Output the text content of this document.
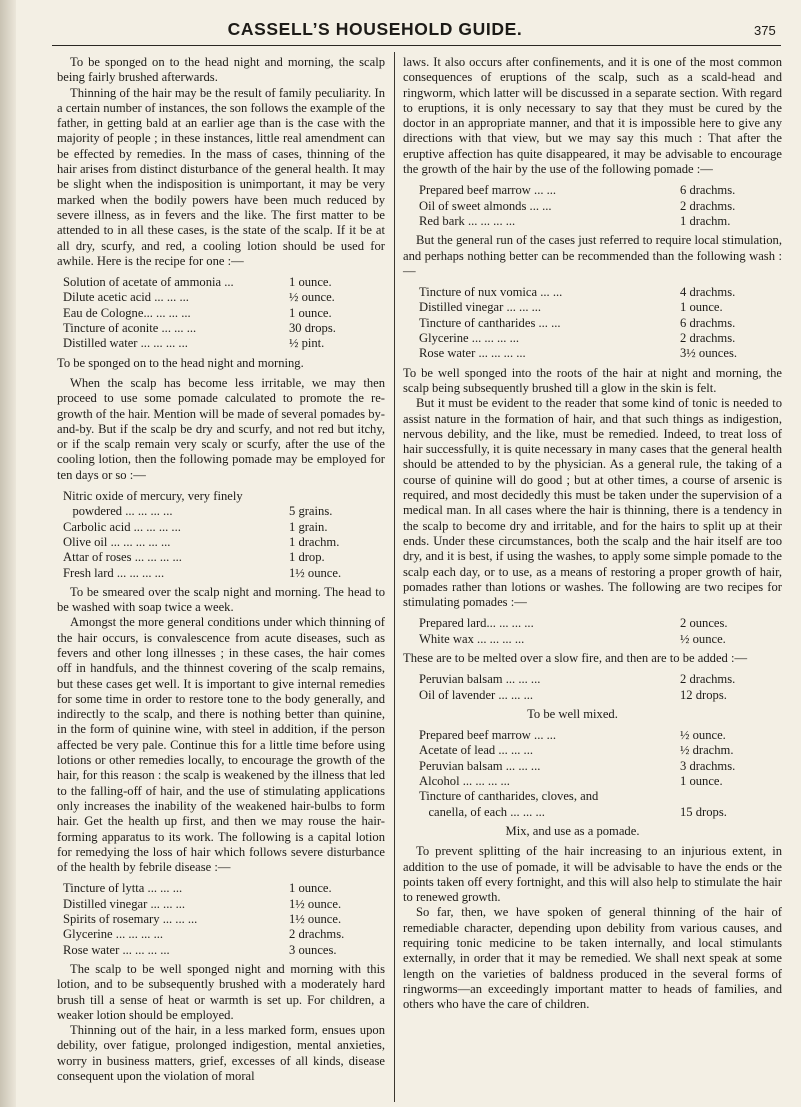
CASSELL’S HOUSEHOLD GUIDE.	375

To be sponged on to the head night and morning, the scalp being fairly brushed afterwards.

Thinning of the hair may be the result of family peculiarity. In a certain number of instances, the son follows the example of the father, in getting bald at an earlier age than is the case with the majority of people ; in these instances, little real amendment can be effected by remedies. In the mass of cases, thinning of the hair arises from distinct disturbance of the general health. It may be slight when the indisposition is unimportant, it may be very marked when the bodily powers have been much reduced by severe illness, as in fevers and the like. The first matter to be attended to in all these cases, is the state of the scalp. If it be at all dry, scurfy, and red, a cooling lotion should be used for awhile. Here is the recipe for one :—

Solution of acetate of ammonia ...	1 ounce.
Dilute acetic acid ... ... ...	½ ounce.
Eau de Cologne... ... ... ...	1 ounce.
Tincture of aconite ... ... ...	30 drops.
Distilled water ... ... ... ...	½ pint.

To be sponged on to the head night and morning.

When the scalp has become less irritable, we may then proceed to use some pomade calculated to promote the re-growth of the hair. Mention will be made of several pomades by-and-by. But if the scalp be dry and scurfy, and not red but itchy, or if the scalp remain very scaly or scurfy, after the use of the cooling lotion, then the following pomade may be employed for ten days or so :—

Nitric oxide of mercury, very finely
powdered ... ... ... ...	5 grains.
Carbolic acid ... ... ... ...	1 grain.
Olive oil ... ... ... ... ...	1 drachm.
Attar of roses ... ... ... ...	1 drop.
Fresh lard ... ... ... ...	1½ ounce.

To be smeared over the scalp night and morning. The head to be washed with soap twice a week.

Amongst the more general conditions under which thinning of the hair occurs, is convalescence from acute diseases, such as fevers and other long illnesses ; in these cases, the hair comes off in handfuls, and the thinnest covering of the scalp remains, but these cases get well. It is important to give internal remedies for some time in order to restore tone to the body generally, and indirectly to the scalp, and there is nothing better than quinine, in the form of quinine wine, with steel in addition, if the person affected be very pale. Continue this for a little time before using lotions or other remedies locally, to encourage the growth of the hair, for this reason : the scalp is weakened by the illness that led to the falling-off of hair, and the use of stimulating applications only increases the inability of the weakened hair-bulbs to form hair. Get the health up first, and then we may rouse the hair-forming apparatus to its work. The following is a capital lotion for remedying the loss of hair which follows severe disturbance of the health by febrile disease :—

Tincture of lytta ... ... ...	1 ounce.
Distilled vinegar ... ... ...	1½ ounce.
Spirits of rosemary ... ... ...	1½ ounce.
Glycerine ... ... ... ...	2 drachms.
Rose water ... ... ... ...	3 ounces.

The scalp to be well sponged night and morning with this lotion, and to be subsequently brushed with a moderately hard brush till a sense of heat or warmth is set up. For children, a weaker lotion should be employed.

Thinning out of the hair, in a less marked form, ensues upon debility, over fatigue, prolonged indigestion, mental anxieties, worry in business matters, grief, excesses of all kinds, disease consequent upon the violation of moral

laws. It also occurs after confinements, and it is one of the most common consequences of eruptions of the scalp, such as a scald-head and ringworm, which latter will be discussed in a separate section. With regard to eruptions, it is only necessary to say that they must be cured by the doctor in an appropriate manner, and that it is impossible here to give any directions with that view, but we may say this much : That after the eruptive affection has quite disappeared, it may be advisable to encourage the growth of the hair by the use of the following pomade :—

Prepared beef marrow ... ...	6 drachms.
Oil of sweet almonds ... ...	2 drachms.
Red bark ... ... ... ...	1 drachm.

But the general run of the cases just referred to require local stimulation, and perhaps nothing better can be recommended than the following wash :—

Tincture of nux vomica ... ...	4 drachms.
Distilled vinegar ... ... ...	1 ounce.
Tincture of cantharides ... ...	6 drachms.
Glycerine ... ... ... ...	2 drachms.
Rose water ... ... ... ...	3½ ounces.

To be well sponged into the roots of the hair at night and morning, the scalp being subsequently brushed till a glow in the skin is felt.

But it must be evident to the reader that some kind of tonic is needed to assist nature in the formation of hair, and that such things as indigestion, nervous debility, and the like, must be remedied. Indeed, to treat loss of hair successfully, it is quite necessary in many cases that the general health should be attended to by the physician. As a general rule, the taking of a course of quinine will do good ; but at other times, a course of arsenic is required, and most decidedly this must be taken under the supervision of a medical man. In all cases where the hair is thinning, there is a tendency in the scalp to become dry and irritable, and for the hairs to split up at their ends. Under these circumstances, both the scalp and the hair itself are too dry, and it is best, if using the washes, to apply some simple pomade to the scalp each day, or to use, as a means of restoring a proper growth of hair, pomades rather than lotions or washes. The following are two recipes for stimulating pomades :—

Prepared lard... ... ... ...	2 ounces.
White wax ... ... ... ...	½ ounce.

These are to be melted over a slow fire, and then are to be added :—

Peruvian balsam ... ... ...	2 drachms.
Oil of lavender ... ... ...	12 drops.
To be well mixed.
Prepared beef marrow ... ...	½ ounce.
Acetate of lead ... ... ...	½ drachm.
Peruvian balsam ... ... ...	3 drachms.
Alcohol ... ... ... ...	1 ounce.
Tincture of cantharides, cloves, and
canella, of each ... ... ...	15 drops.
Mix, and use as a pomade.

To prevent splitting of the hair increasing to an injurious extent, in addition to the use of pomade, it will be advisable to have the ends or the points taken off every fortnight, and this will also help to stimulate the hair to renewed growth.

So far, then, we have spoken of general thinning of the hair of remediable character, depending upon debility from various causes, and requiring tonic medicine to be taken internally, and local stimulants externally, in order that it may be remedied. We shall next speak at some length on the varieties of baldness produced in the several forms of ringworms—an exceedingly important matter to heads of families, and others who have the care of children.
